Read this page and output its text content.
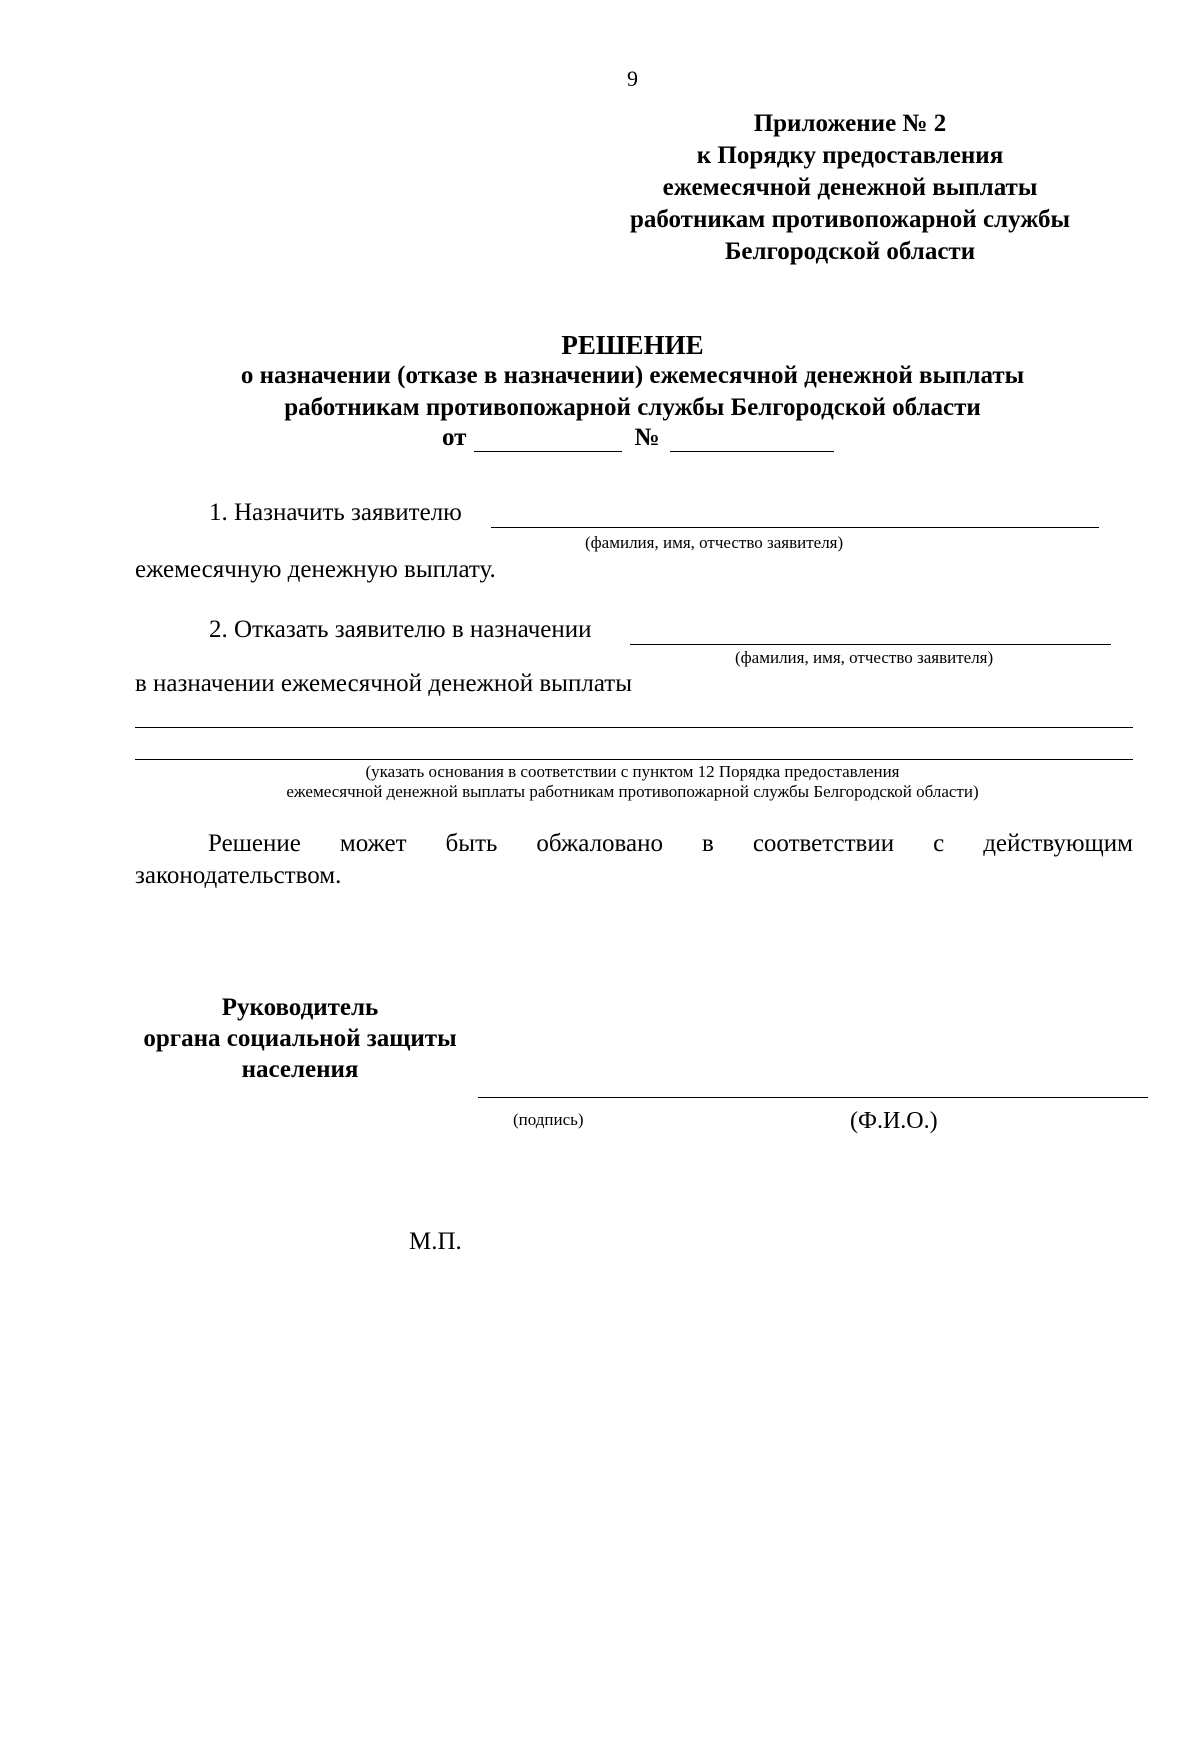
9
Приложение № 2
к Порядку предоставления
ежемесячной денежной выплаты
работникам противопожарной службы
Белгородской области
РЕШЕНИЕ
о назначении (отказе в назначении) ежемесячной денежной выплаты
работникам противопожарной службы Белгородской области
от	№
1. Назначить заявителю
(фамилия, имя, отчество заявителя)
ежемесячную денежную выплату.
2. Отказать заявителю в назначении
(фамилия, имя, отчество заявителя)
в назначении ежемесячной денежной выплаты
(указать основания в соответствии с пунктом 12 Порядка предоставления
ежемесячной денежной выплаты работникам противопожарной службы Белгородской области)
Решение может быть обжаловано в соответствии с действующим
законодательством.
Руководитель
органа социальной защиты
населения
(подпись)	(Ф.И.О.)
М.П.
